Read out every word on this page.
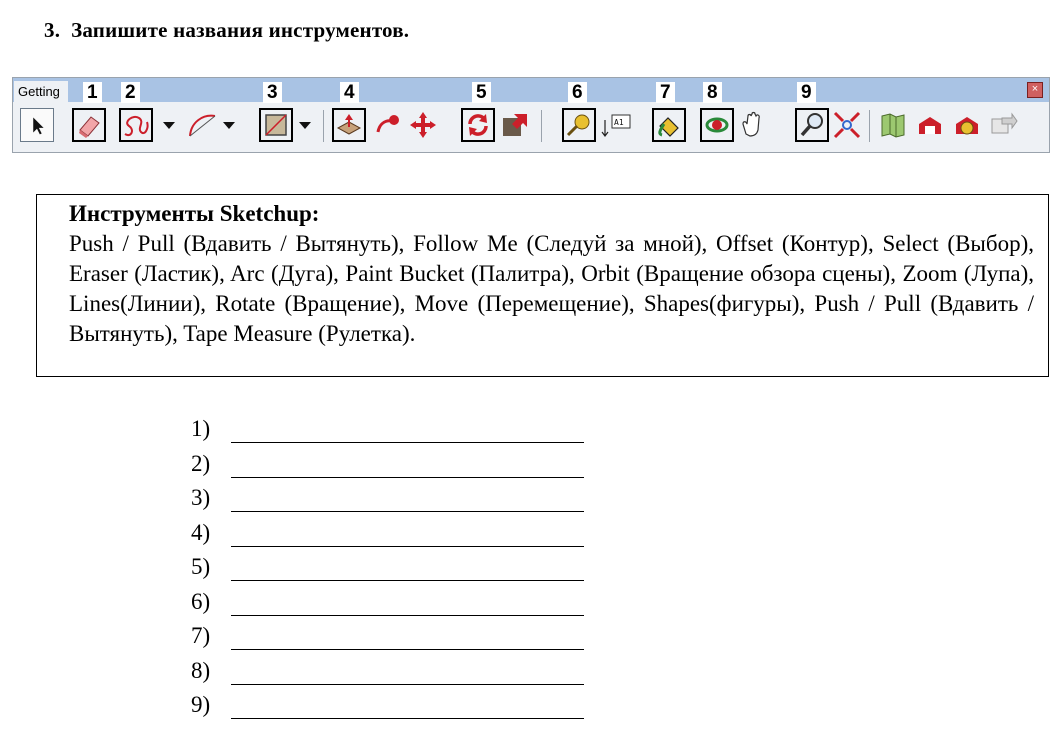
3. Запишите названия инструментов.
Getting	×
1 2	3	4	5	6	7 8	9
A1
Инструменты Sketchup:
Push / Pull (Вдавить / Вытянуть), Follow Me (Следуй за мной), Offset (Контур), Select (Выбор), Eraser (Ластик), Arc (Дуга), Paint Bucket (Палитра), Orbit (Вращение обзора сцены), Zoom (Лупа), Lines(Линии), Rotate (Вращение), Move (Перемещение), Shapes(фигуры), Push / Pull (Вдавить / Вытянуть), Tape Measure (Рулетка).
1)
2)
3)
4)
5)
6)
7)
8)
9)
